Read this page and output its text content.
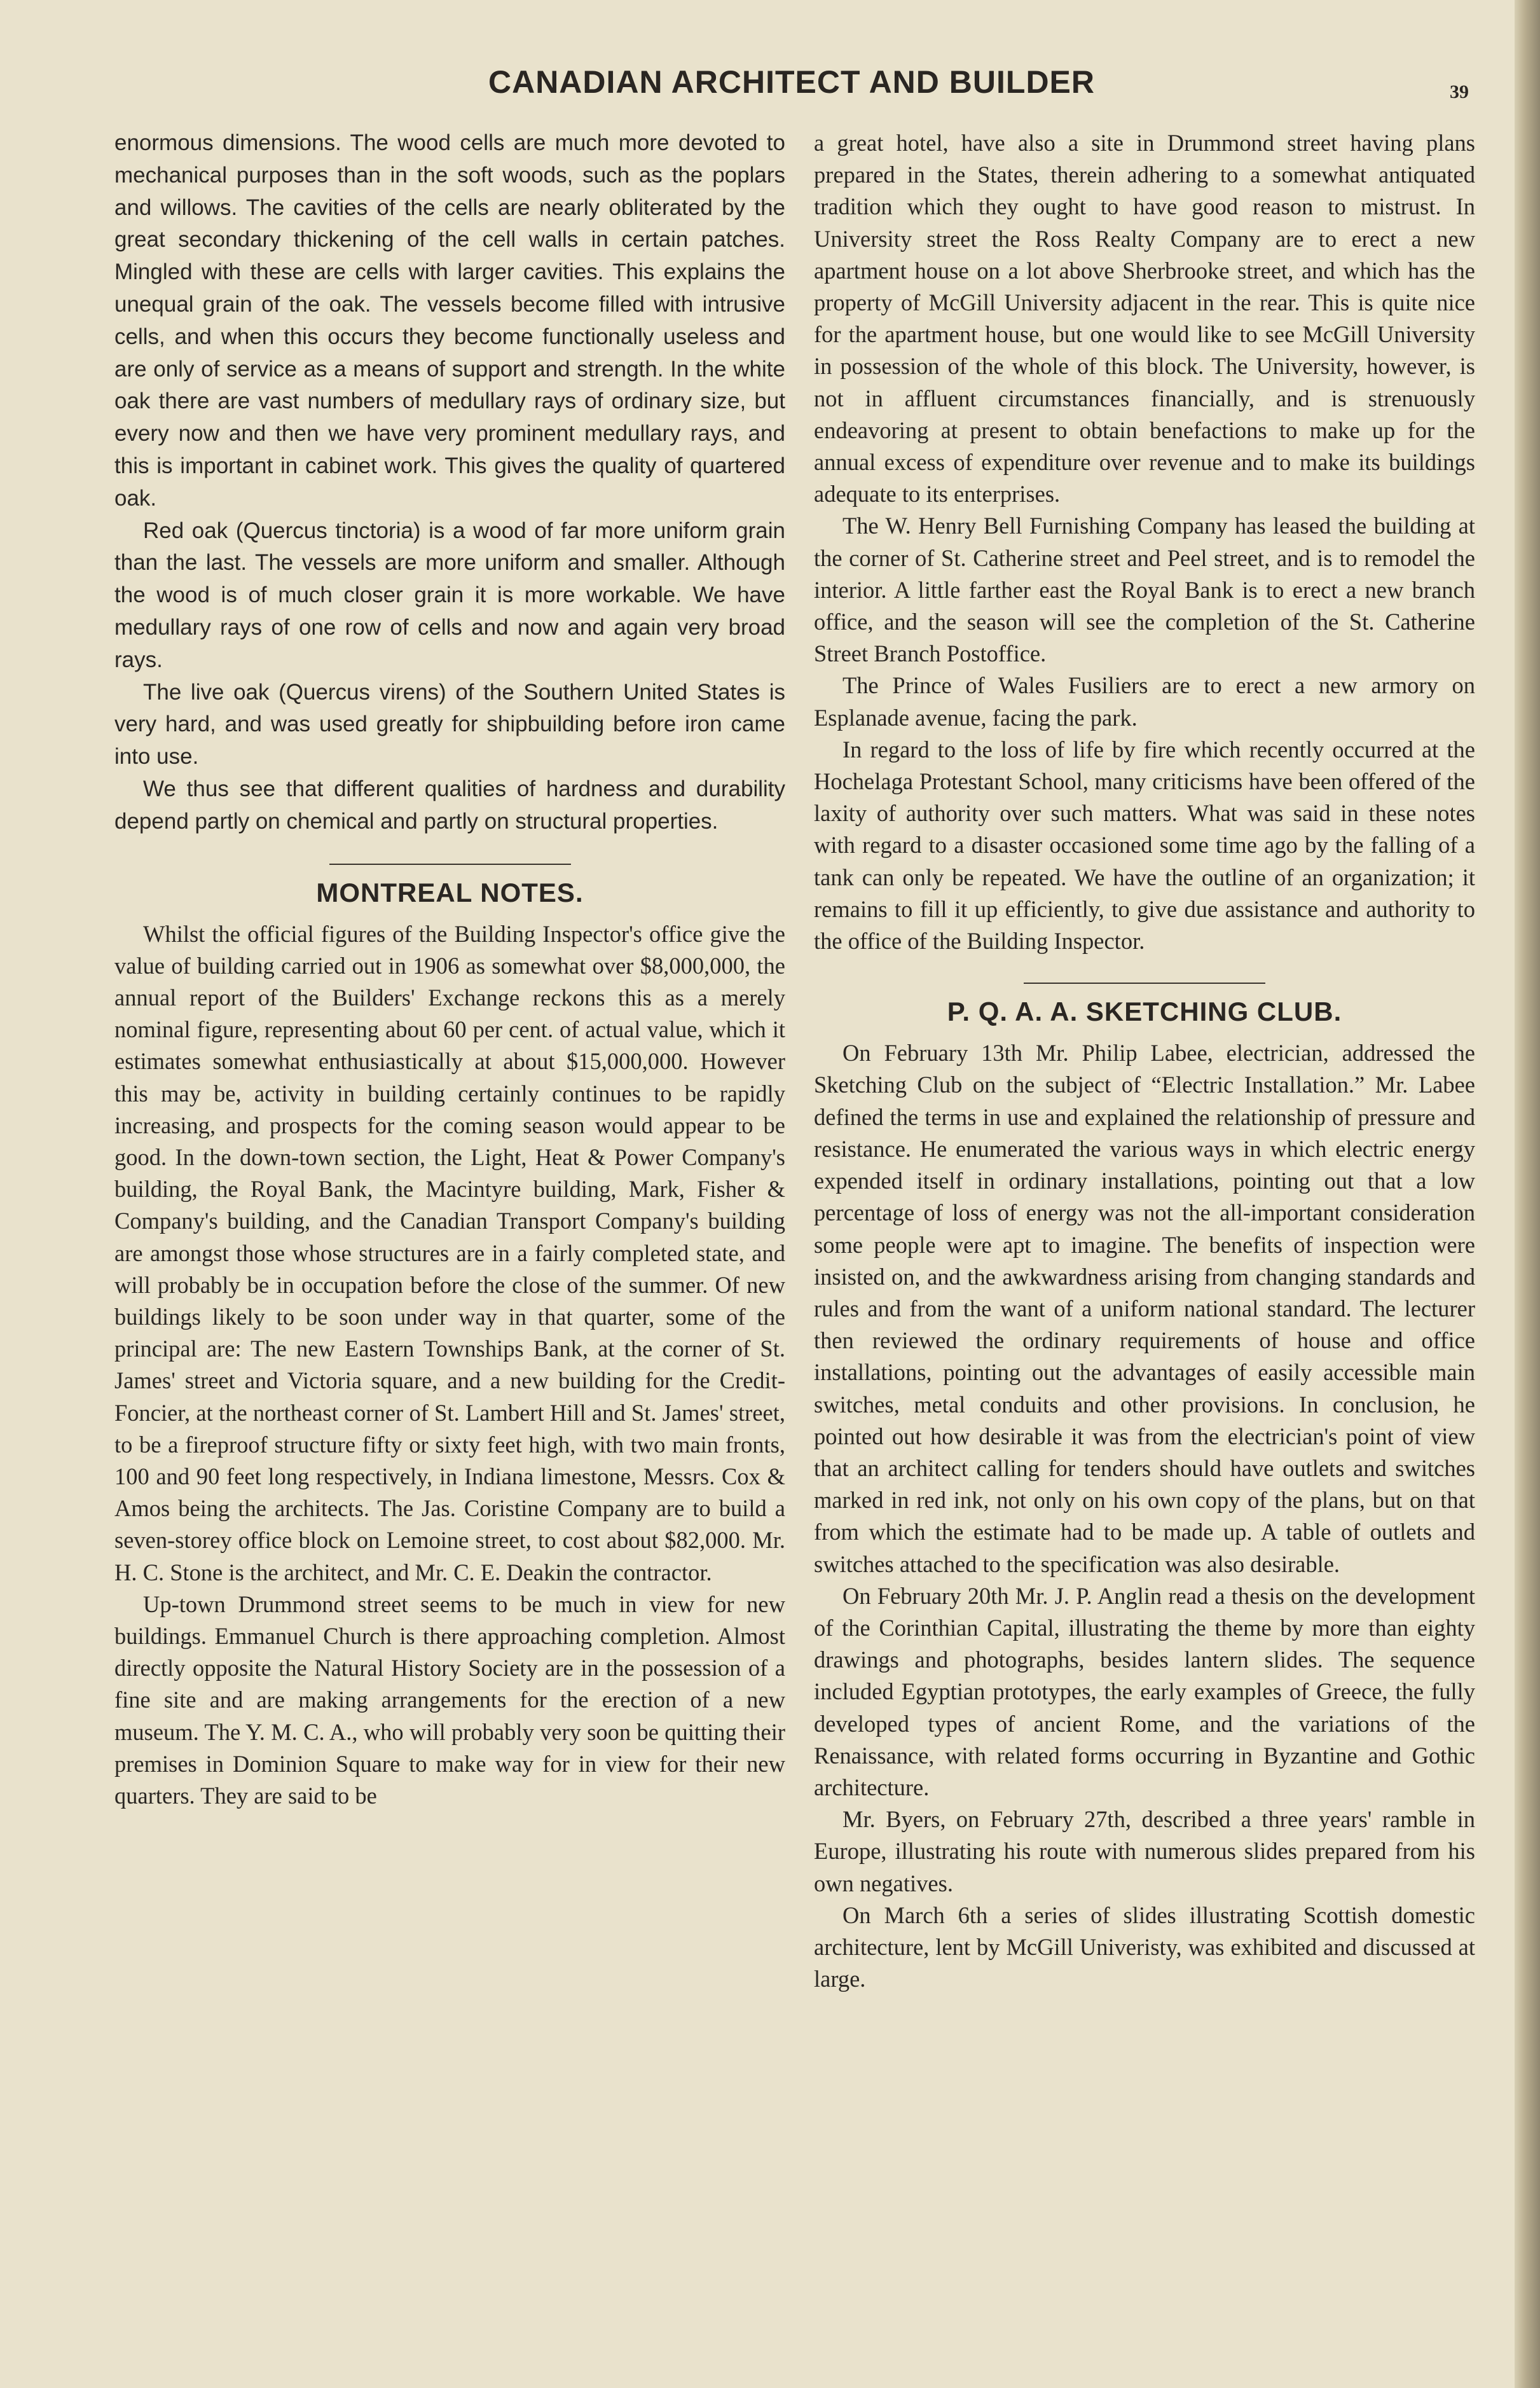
CANADIAN ARCHITECT AND BUILDER	39

enormous dimensions. The wood cells are much more devoted to mechanical purposes than in the soft woods, such as the poplars and willows. The cavities of the cells are nearly obliterated by the great secondary thickening of the cell walls in certain patches. Mingled with these are cells with larger cavities. This explains the unequal grain of the oak. The vessels become filled with intrusive cells, and when this occurs they become functionally useless and are only of service as a means of support and strength. In the white oak there are vast numbers of medullary rays of ordinary size, but every now and then we have very prominent medullary rays, and this is important in cabinet work. This gives the quality of quartered oak.

Red oak (Quercus tinctoria) is a wood of far more uniform grain than the last. The vessels are more uniform and smaller. Although the wood is of much closer grain it is more workable. We have medullary rays of one row of cells and now and again very broad rays.

The live oak (Quercus virens) of the Southern United States is very hard, and was used greatly for shipbuilding before iron came into use.

We thus see that different qualities of hardness and durability depend partly on chemical and partly on structural properties.

MONTREAL NOTES.

Whilst the official figures of the Building Inspector's office give the value of building carried out in 1906 as somewhat over $8,000,000, the annual report of the Builders' Exchange reckons this as a merely nominal figure, representing about 60 per cent. of actual value, which it estimates somewhat enthusiastically at about $15,000,000. However this may be, activity in building certainly continues to be rapidly increasing, and prospects for the coming season would appear to be good. In the down-town section, the Light, Heat & Power Company's building, the Royal Bank, the Macintyre building, Mark, Fisher & Company's building, and the Canadian Transport Company's building are amongst those whose structures are in a fairly completed state, and will probably be in occupation before the close of the summer. Of new buildings likely to be soon under way in that quarter, some of the principal are: The new Eastern Townships Bank, at the corner of St. James' street and Victoria square, and a new building for the Credit-Foncier, at the northeast corner of St. Lambert Hill and St. James' street, to be a fireproof structure fifty or sixty feet high, with two main fronts, 100 and 90 feet long respectively, in Indiana limestone, Messrs. Cox & Amos being the architects. The Jas. Coristine Company are to build a seven-storey office block on Lemoine street, to cost about $82,000. Mr. H. C. Stone is the architect, and Mr. C. E. Deakin the contractor.

Up-town Drummond street seems to be much in view for new buildings. Emmanuel Church is there approaching completion. Almost directly opposite the Natural History Society are in the possession of a fine site and are making arrangements for the erection of a new museum. The Y. M. C. A., who will probably very soon be quitting their premises in Dominion Square to make way for in view for their new quarters. They are said to be

a great hotel, have also a site in Drummond street having plans prepared in the States, therein adhering to a somewhat antiquated tradition which they ought to have good reason to mistrust. In University street the Ross Realty Company are to erect a new apartment house on a lot above Sherbrooke street, and which has the property of McGill University adjacent in the rear. This is quite nice for the apartment house, but one would like to see McGill University in possession of the whole of this block. The University, however, is not in affluent circumstances financially, and is strenuously endeavoring at present to obtain benefactions to make up for the annual excess of expenditure over revenue and to make its buildings adequate to its enterprises.

The W. Henry Bell Furnishing Company has leased the building at the corner of St. Catherine street and Peel street, and is to remodel the interior. A little farther east the Royal Bank is to erect a new branch office, and the season will see the completion of the St. Catherine Street Branch Postoffice.

The Prince of Wales Fusiliers are to erect a new armory on Esplanade avenue, facing the park.

In regard to the loss of life by fire which recently occurred at the Hochelaga Protestant School, many criticisms have been offered of the laxity of authority over such matters. What was said in these notes with regard to a disaster occasioned some time ago by the falling of a tank can only be repeated. We have the outline of an organization; it remains to fill it up efficiently, to give due assistance and authority to the office of the Building Inspector.

P. Q. A. A. SKETCHING CLUB.

On February 13th Mr. Philip Labee, electrician, addressed the Sketching Club on the subject of “Electric Installation.” Mr. Labee defined the terms in use and explained the relationship of pressure and resistance. He enumerated the various ways in which electric energy expended itself in ordinary installations, pointing out that a low percentage of loss of energy was not the all-important consideration some people were apt to imagine. The benefits of inspection were insisted on, and the awkwardness arising from changing standards and rules and from the want of a uniform national standard. The lecturer then reviewed the ordinary requirements of house and office installations, pointing out the advantages of easily accessible main switches, metal conduits and other provisions. In conclusion, he pointed out how desirable it was from the electrician's point of view that an architect calling for tenders should have outlets and switches marked in red ink, not only on his own copy of the plans, but on that from which the estimate had to be made up. A table of outlets and switches attached to the specification was also desirable.

On February 20th Mr. J. P. Anglin read a thesis on the development of the Corinthian Capital, illustrating the theme by more than eighty drawings and photographs, besides lantern slides. The sequence included Egyptian prototypes, the early examples of Greece, the fully developed types of ancient Rome, and the variations of the Renaissance, with related forms occurring in Byzantine and Gothic architecture.

Mr. Byers, on February 27th, described a three years' ramble in Europe, illustrating his route with numerous slides prepared from his own negatives.

On March 6th a series of slides illustrating Scottish domestic architecture, lent by McGill Univeristy, was exhibited and discussed at large.
